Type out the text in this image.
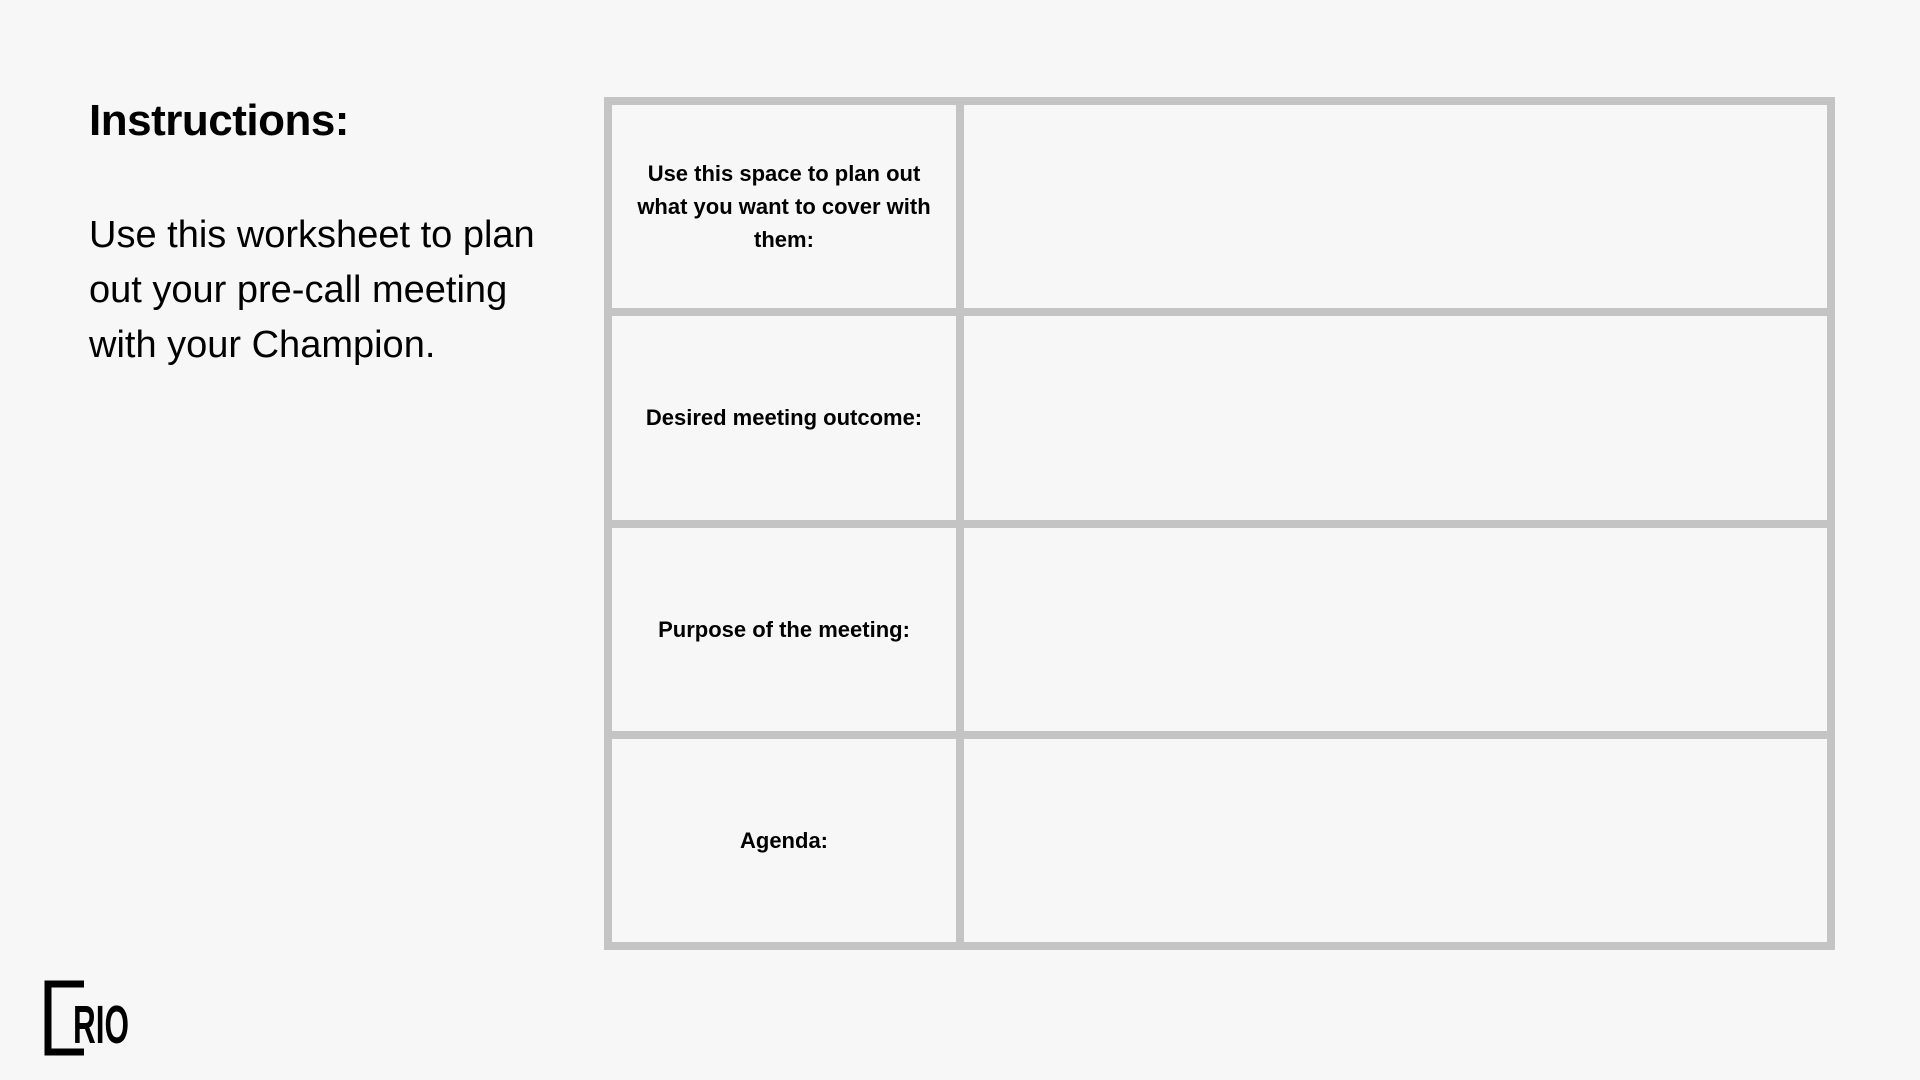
Instructions:

Use this worksheet to plan out your pre-call meeting with your Champion.

Use this space to plan out what you want to cover with them:
Desired meeting outcome:
Purpose of the meeting:
Agenda:
RIO
